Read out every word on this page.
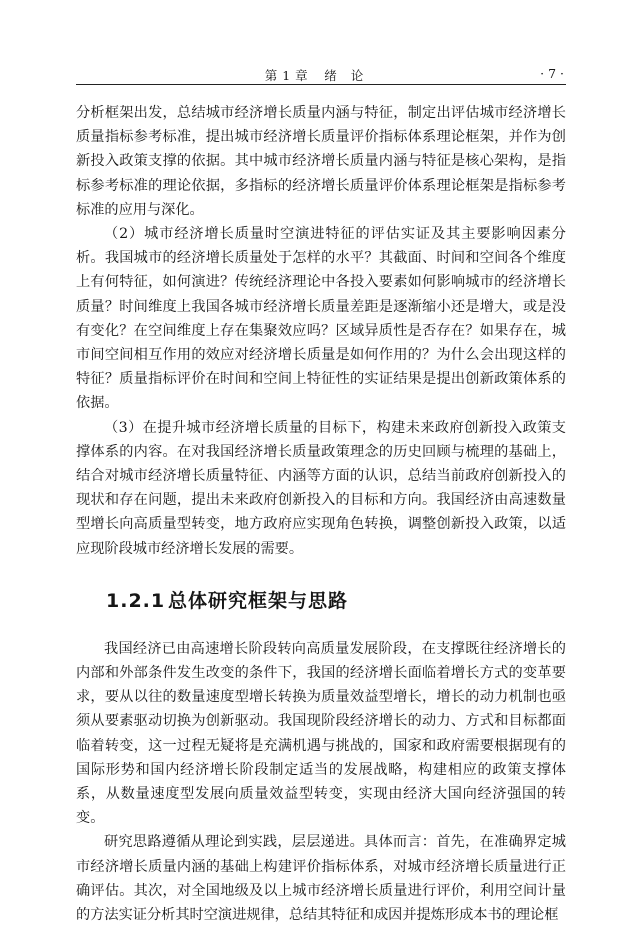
第 1 章 绪论	· 7 ·

分析框架出发，总结城市经济增长质量内涵与特征，制定出评估城市经济增长质量指标参考标准，提出城市经济增长质量评价指标体系理论框架，并作为创新投入政策支撑的依据。其中城市经济增长质量内涵与特征是核心架构，是指标参考标准的理论依据，多指标的经济增长质量评价体系理论框架是指标参考标准的应用与深化。

（2）城市经济增长质量时空演进特征的评估实证及其主要影响因素分析。我国城市的经济增长质量处于怎样的水平？其截面、时间和空间各个维度上有何特征，如何演进？传统经济理论中各投入要素如何影响城市的经济增长质量？时间维度上我国各城市经济增长质量差距是逐渐缩小还是增大，或是没有变化？在空间维度上存在集聚效应吗？区域异质性是否存在？如果存在，城市间空间相互作用的效应对经济增长质量是如何作用的？为什么会出现这样的特征？质量指标评价在时间和空间上特征性的实证结果是提出创新政策体系的依据。

（3）在提升城市经济增长质量的目标下，构建未来政府创新投入政策支撑体系的内容。在对我国经济增长质量政策理念的历史回顾与梳理的基础上，结合对城市经济增长质量特征、内涵等方面的认识，总结当前政府创新投入的现状和存在问题，提出未来政府创新投入的目标和方向。我国经济由高速数量型增长向高质量型转变，地方政府应实现角色转换，调整创新投入政策，以适应现阶段城市经济增长发展的需要。

1.2.1 总体研究框架与思路

我国经济已由高速增长阶段转向高质量发展阶段，在支撑既往经济增长的内部和外部条件发生改变的条件下，我国的经济增长面临着增长方式的变革要求，要从以往的数量速度型增长转换为质量效益型增长，增长的动力机制也亟须从要素驱动切换为创新驱动。我国现阶段经济增长的动力、方式和目标都面临着转变，这一过程无疑将是充满机遇与挑战的，国家和政府需要根据现有的国际形势和国内经济增长阶段制定适当的发展战略，构建相应的政策支撑体系，从数量速度型发展向质量效益型转变，实现由经济大国向经济强国的转变。

研究思路遵循从理论到实践，层层递进。具体而言：首先，在准确界定城市经济增长质量内涵的基础上构建评价指标体系，对城市经济增长质量进行正确评估。其次，对全国地级及以上城市经济增长质量进行评价，利用空间计量的方法实证分析其时空演进规律，总结其特征和成因并提炼形成本书的理论框
